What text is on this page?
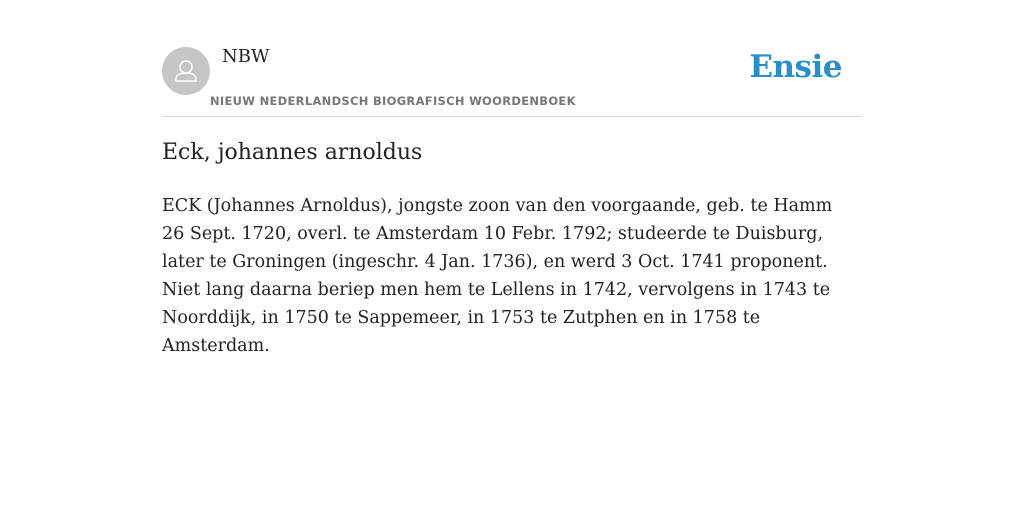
NBW
NIEUW NEDERLANDSCH BIOGRAFISCH WOORDENBOEK
Ensie
Eck, johannes arnoldus

ECK (Johannes Arnoldus), jongste zoon van den voorgaande, geb. te Hamm 26 Sept. 1720, overl. te Amsterdam 10 Febr. 1792; studeerde te Duisburg, later te Groningen (ingeschr. 4 Jan. 1736), en werd 3 Oct. 1741 proponent. Niet lang daarna beriep men hem te Lellens in 1742, vervolgens in 1743 te Noorddijk, in 1750 te Sappemeer, in 1753 te Zutphen en in 1758 te Amsterdam.
